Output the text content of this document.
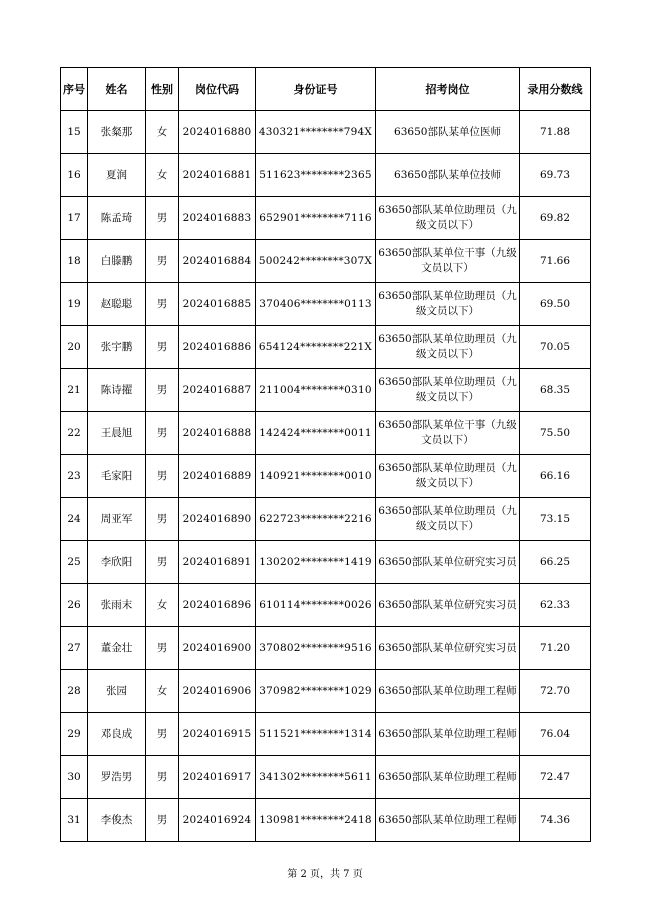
序号	姓名	性别	岗位代码	身份证号	招考岗位	录用分数线
15	张粲那	女	2024016880	430321********794X	63650部队某单位医师	71.88
16	夏润	女	2024016881	511623********2365	63650部队某单位技师	69.73
17	陈孟琦	男	2024016883	652901********7116	63650部队某单位助理员（九级文员以下）	69.82
18	白滕鹏	男	2024016884	500242********307X	63650部队某单位干事（九级文员以下）	71.66
19	赵聪聪	男	2024016885	370406********0113	63650部队某单位助理员（九级文员以下）	69.50
20	张宇鹏	男	2024016886	654124********221X	63650部队某单位助理员（九级文员以下）	70.05
21	陈诗擢	男	2024016887	211004********0310	63650部队某单位助理员（九级文员以下）	68.35
22	王晨旭	男	2024016888	142424********0011	63650部队某单位干事（九级文员以下）	75.50
23	毛家阳	男	2024016889	140921********0010	63650部队某单位助理员（九级文员以下）	66.16
24	周亚军	男	2024016890	622723********2216	63650部队某单位助理员（九级文员以下）	73.15
25	李欣阳	男	2024016891	130202********1419	63650部队某单位研究实习员	66.25
26	张雨末	女	2024016896	610114********0026	63650部队某单位研究实习员	62.33
27	董金壮	男	2024016900	370802********9516	63650部队某单位研究实习员	71.20
28	张园	女	2024016906	370982********1029	63650部队某单位助理工程师	72.70
29	邓良成	男	2024016915	511521********1314	63650部队某单位助理工程师	76.04
30	罗浩男	男	2024016917	341302********5611	63650部队某单位助理工程师	72.47
31	李俊杰	男	2024016924	130981********2418	63650部队某单位助理工程师	74.36
第 2 页，共 7 页
